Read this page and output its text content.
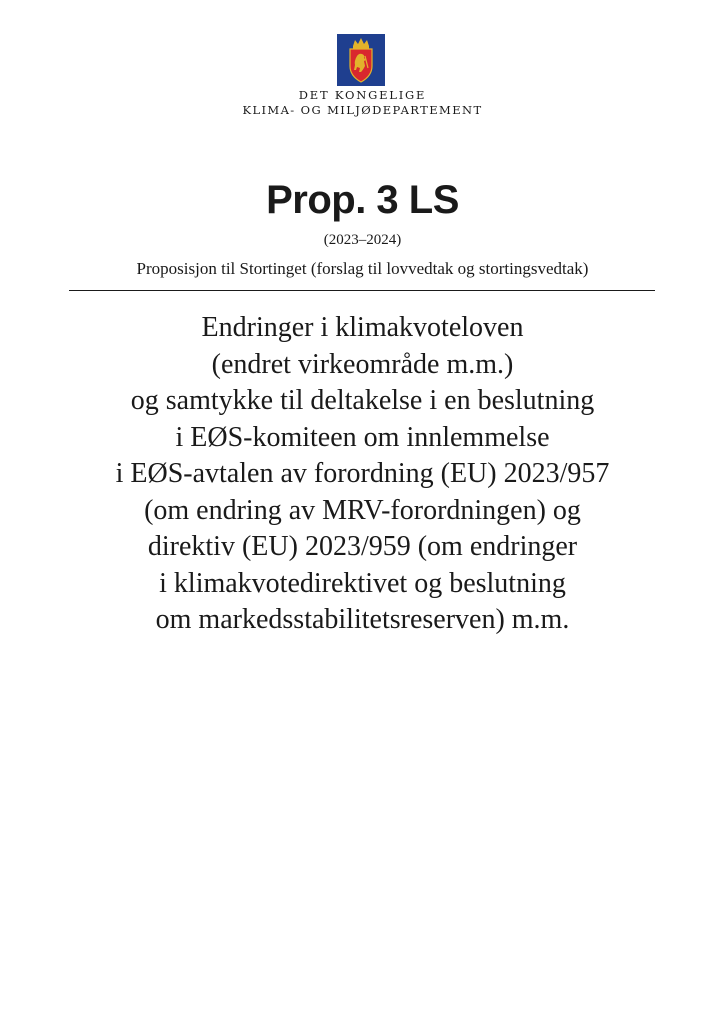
DET KONGELIGE
KLIMA- OG MILJØDEPARTEMENT
Prop. 3 LS
(2023–2024)
Proposisjon til Stortinget (forslag til lovvedtak og stortingsvedtak)
Endringer i klimakvoteloven
(endret virkeområde m.m.)
og samtykke til deltakelse i en beslutning
i EØS-komiteen om innlemmelse
i EØS-avtalen av forordning (EU) 2023/957
(om endring av MRV-forordningen) og
direktiv (EU) 2023/959 (om endringer
i klimakvotedirektivet og beslutning
om markedsstabilitetsreserven) m.m.
